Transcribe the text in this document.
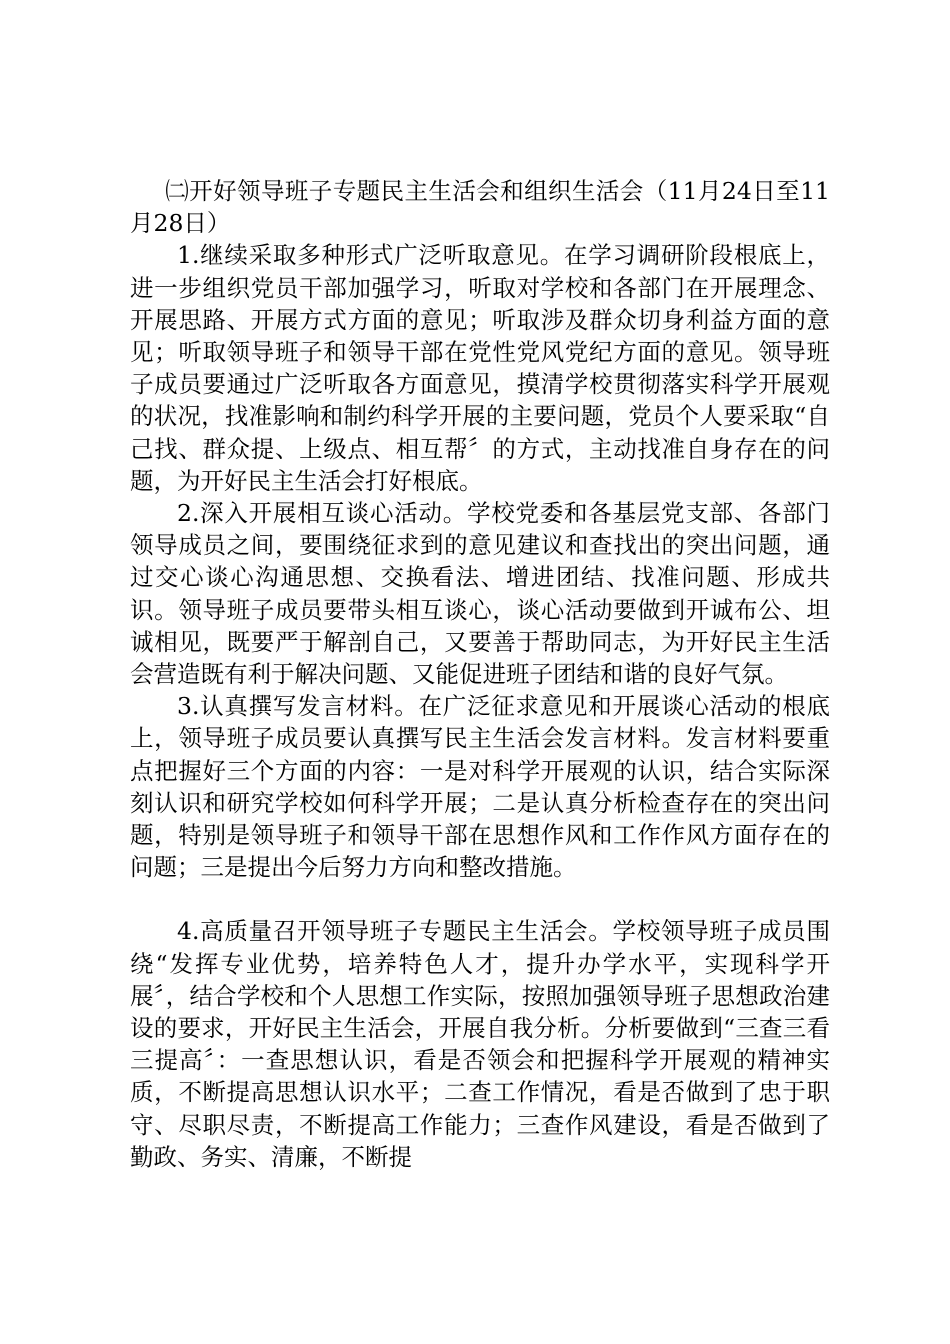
㈡开好领导班子专题民主生活会和组织生活会（11月24日至11月28日）

1.继续采取多种形式广泛听取意见。在学习调研阶段根底上，进一步组织党员干部加强学习，听取对学校和各部门在开展理念、开展思路、开展方式方面的意见；听取涉及群众切身利益方面的意见；听取领导班子和领导干部在党性党风党纪方面的意见。领导班子成员要通过广泛听取各方面意见，摸清学校贯彻落实科学开展观的状况，找准影响和制约科学开展的主要问题，党员个人要采取“自己找、群众提、上级点、相互帮〞的方式，主动找准自身存在的问题，为开好民主生活会打好根底。

2.深入开展相互谈心活动。学校党委和各基层党支部、各部门领导成员之间，要围绕征求到的意见建议和查找出的突出问题，通过交心谈心沟通思想、交换看法、增进团结、找准问题、形成共识。领导班子成员要带头相互谈心，谈心活动要做到开诚布公、坦诚相见，既要严于解剖自己，又要善于帮助同志，为开好民主生活会营造既有利于解决问题、又能促进班子团结和谐的良好气氛。

3.认真撰写发言材料。在广泛征求意见和开展谈心活动的根底上，领导班子成员要认真撰写民主生活会发言材料。发言材料要重点把握好三个方面的内容：一是对科学开展观的认识，结合实际深刻认识和研究学校如何科学开展；二是认真分析检查存在的突出问题，特别是领导班子和领导干部在思想作风和工作作风方面存在的问题；三是提出今后努力方向和整改措施。

4.高质量召开领导班子专题民主生活会。学校领导班子成员围绕“发挥专业优势，培养特色人才，提升办学水平，实现科学开展〞，结合学校和个人思想工作实际，按照加强领导班子思想政治建设的要求，开好民主生活会，开展自我分析。分析要做到“三查三看三提高〞：一查思想认识，看是否领会和把握科学开展观的精神实质，不断提高思想认识水平；二查工作情况，看是否做到了忠于职守、尽职尽责，不断提高工作能力；三查作风建设，看是否做到了勤政、务实、清廉，不断提
